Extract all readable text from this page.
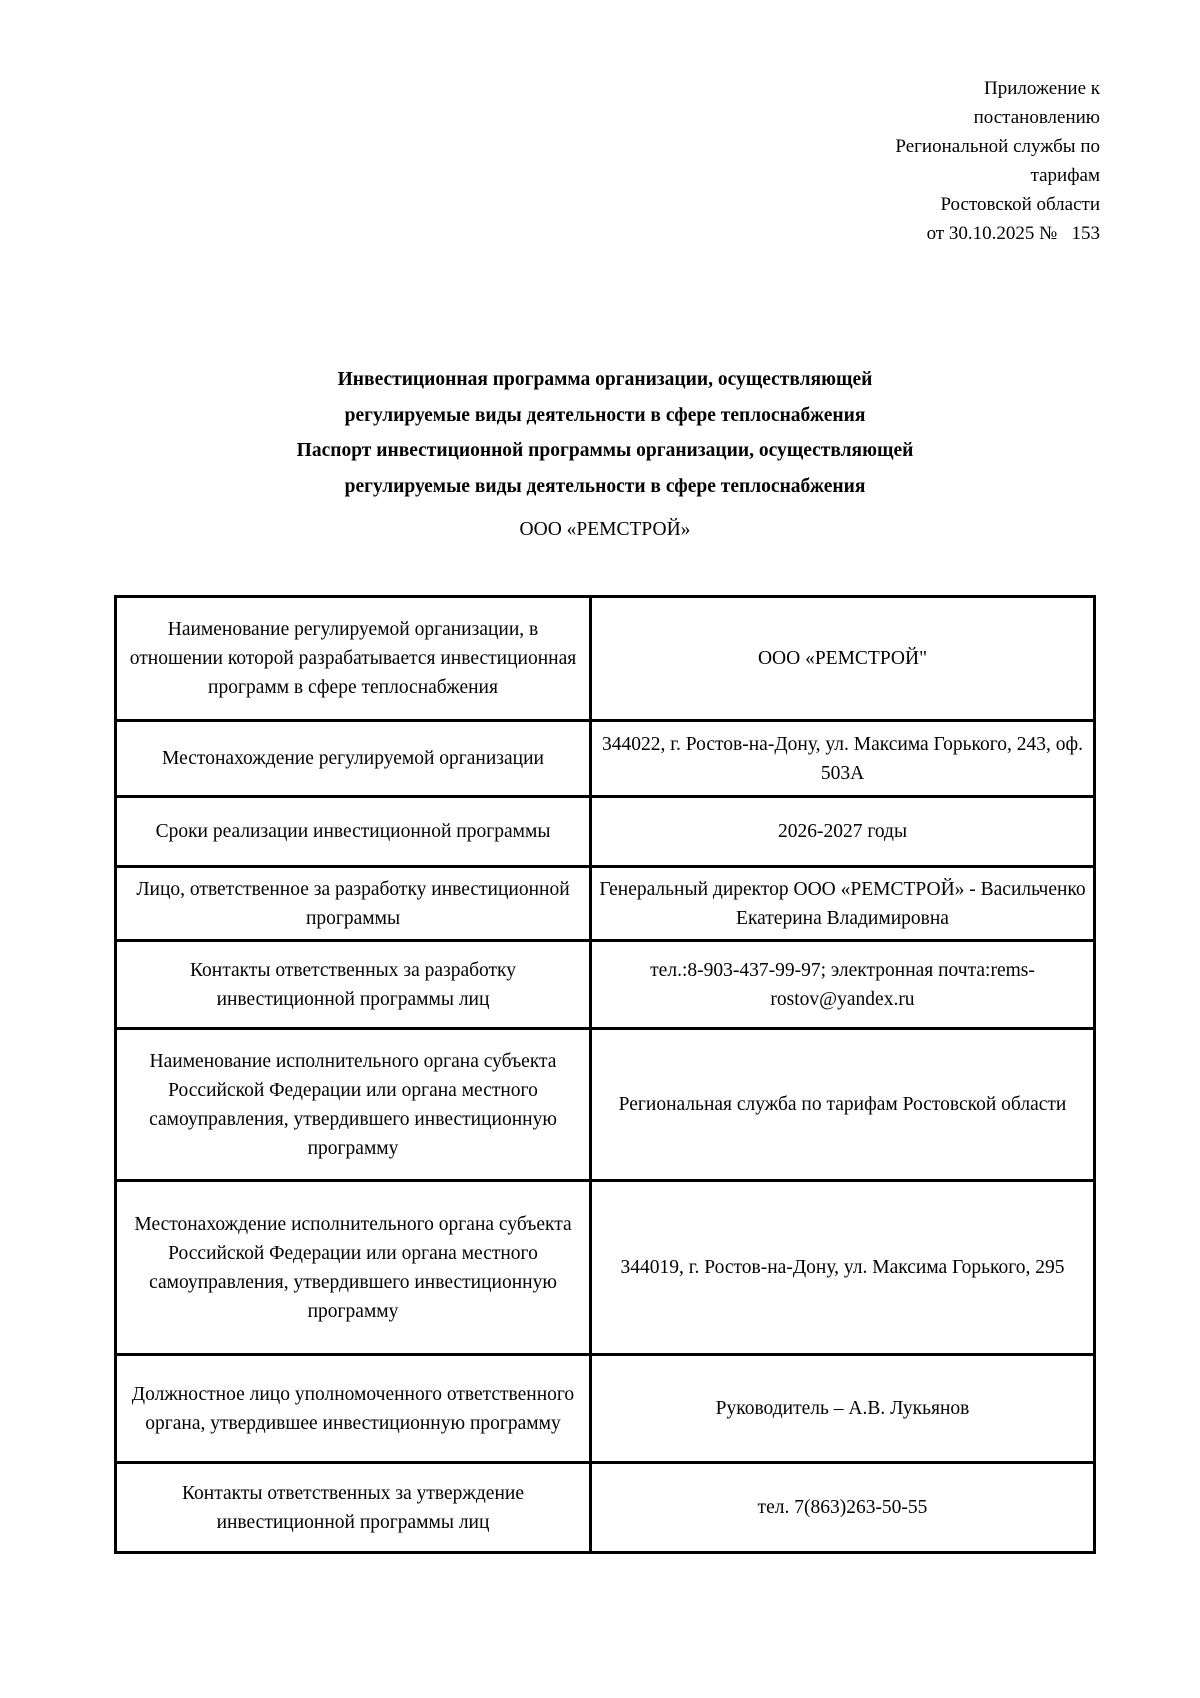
Приложение к
постановлению
Региональной службы по
тарифам
Ростовской области
от 30.10.2025 №   153
Инвестиционная программа организации, осуществляющей
регулируемые виды деятельности в сфере теплоснабжения
Паспорт инвестиционной программы организации, осуществляющей
регулируемые виды деятельности в сфере теплоснабжения
ООО «РЕМСТРОЙ»
Наименование регулируемой организации, в отношении которой разрабатывается инвестиционная программ в сфере теплоснабжения	ООО «РЕМСТРОЙ"
Местонахождение регулируемой организации	344022, г. Ростов-на-Дону, ул. Максима Горького, 243, оф. 503А
Сроки реализации инвестиционной программы	2026-2027 годы
Лицо, ответственное за разработку инвестиционной программы	Генеральный директор ООО «РЕМСТРОЙ» - Васильченко Екатерина Владимировна
Контакты ответственных за разработку инвестиционной программы лиц	тел.:8-903-437-99-97; электронная почта:rems-rostov@yandex.ru
Наименование исполнительного органа субъекта Российской Федерации или органа местного самоуправления, утвердившего инвестиционную программу	Региональная служба по тарифам Ростовской области
Местонахождение исполнительного органа субъекта Российской Федерации или органа местного самоуправления, утвердившего инвестиционную программу	344019, г. Ростов-на-Дону, ул. Максима Горького, 295
Должностное лицо уполномоченного ответственного органа, утвердившее инвестиционную программу	Руководитель – А.В. Лукьянов
Контакты ответственных за утверждение инвестиционной программы лиц	тел. 7(863)263-50-55
